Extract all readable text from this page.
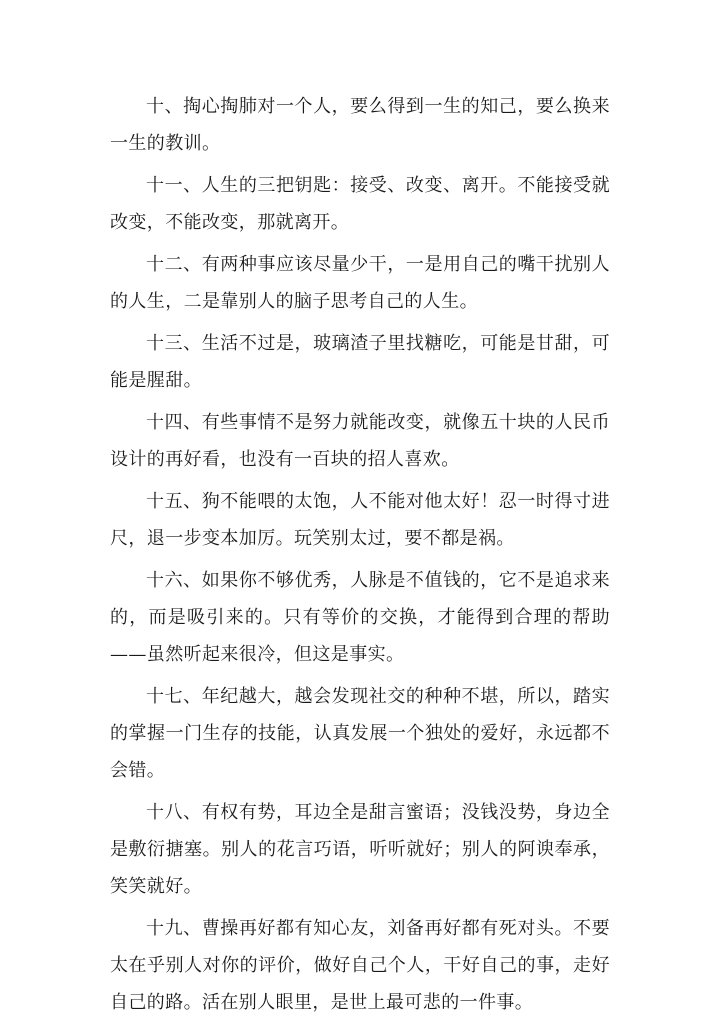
十、掏心掏肺对一个人，要么得到一生的知己，要么换来一生的教训。

十一、人生的三把钥匙：接受、改变、离开。不能接受就改变，不能改变，那就离开。

十二、有两种事应该尽量少干，一是用自己的嘴干扰别人的人生，二是靠别人的脑子思考自己的人生。

十三、生活不过是，玻璃渣子里找糖吃，可能是甘甜，可能是腥甜。

十四、有些事情不是努力就能改变，就像五十块的人民币设计的再好看，也没有一百块的招人喜欢。

十五、狗不能喂的太饱，人不能对他太好！忍一时得寸进尺，退一步变本加厉。玩笑别太过，要不都是祸。

十六、如果你不够优秀，人脉是不值钱的，它不是追求来的，而是吸引来的。只有等价的交换，才能得到合理的帮助——虽然听起来很冷，但这是事实。

十七、年纪越大，越会发现社交的种种不堪，所以，踏实的掌握一门生存的技能，认真发展一个独处的爱好，永远都不会错。

十八、有权有势，耳边全是甜言蜜语；没钱没势，身边全是敷衍搪塞。别人的花言巧语，听听就好；别人的阿谀奉承，笑笑就好。

十九、曹操再好都有知心友，刘备再好都有死对头。不要太在乎别人对你的评价，做好自己个人，干好自己的事，走好自己的路。活在别人眼里，是世上最可悲的一件事。
